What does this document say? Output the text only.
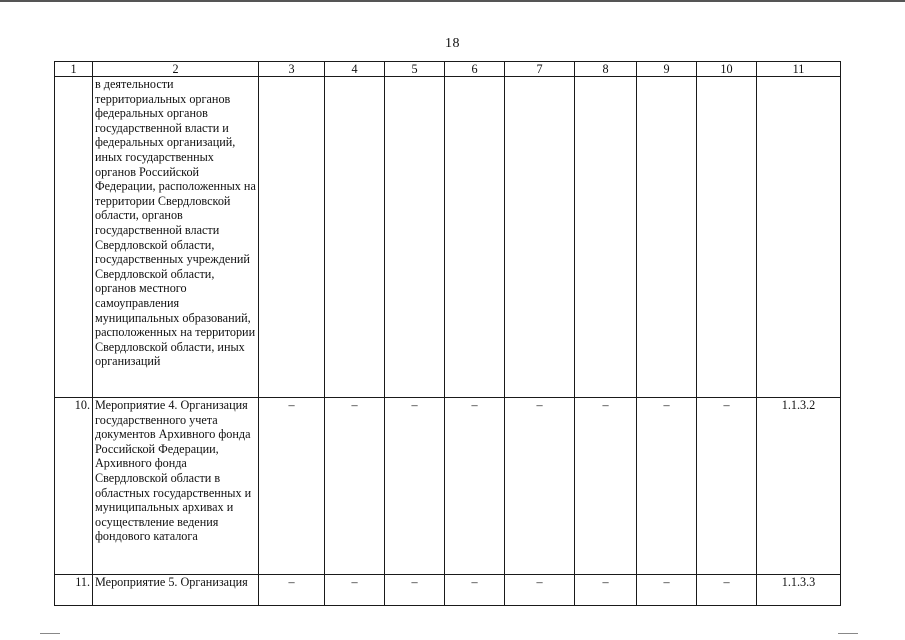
18
1	2	3	4	5	6	7	8	9	10	11
	в деятельности территориальных органов федеральных органов государственной власти и федеральных организаций, иных государственных органов Российской Федерации, расположенных на территории Свердловской области, органов государственной власти Свердловской области, государственных учреждений Свердловской области, органов местного самоуправления муниципальных образований, расположенных на территории Свердловской области, иных организаций									
10.	Мероприятие 4. Организация государственного учета документов Архивного фонда Российской Федерации, Архивного фонда Свердловской области в областных государственных и муниципальных архивах и осуществление ведения фондового каталога	–	–	–	–	–	–	–	–	1.1.3.2
11.	Мероприятие 5. Организация	–	–	–	–	–	–	–	–	1.1.3.3
